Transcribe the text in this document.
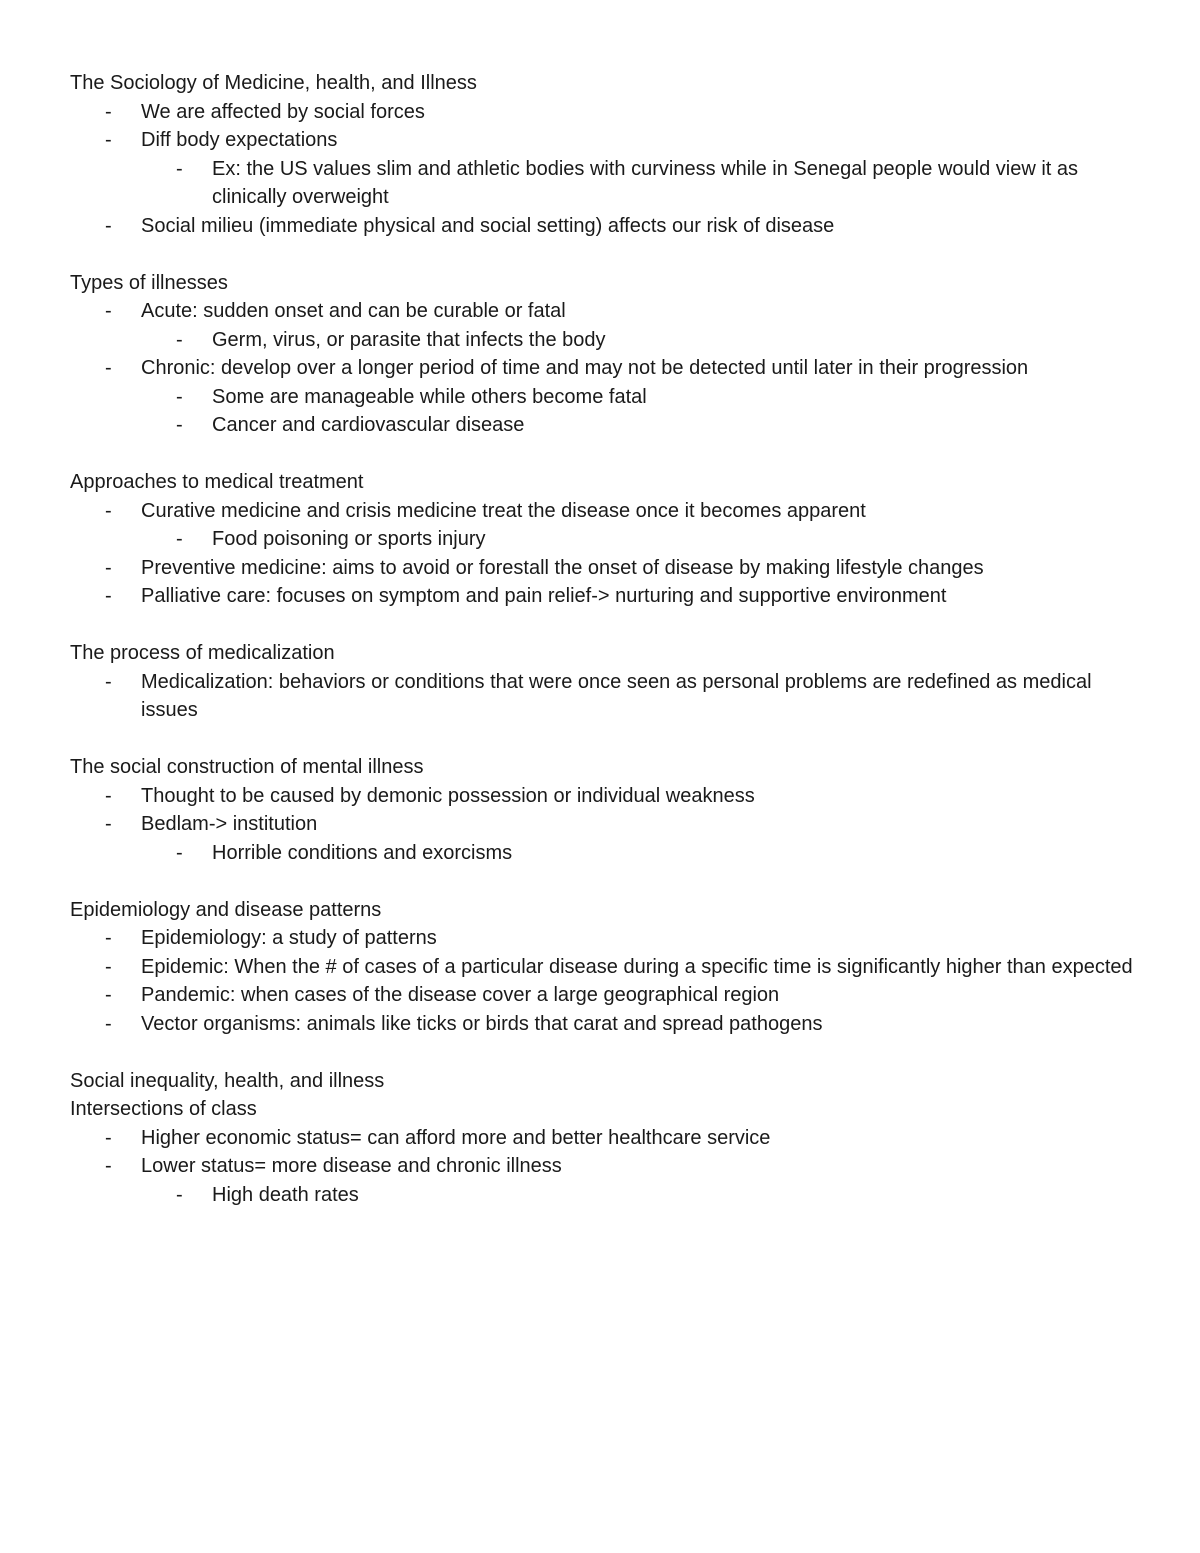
The Sociology of Medicine, health, and Illness

- We are affected by social forces
- Diff body expectations
- Ex: the US values slim and athletic bodies with curviness while in Senegal people would view it as clinically overweight
- Social milieu (immediate physical and social setting) affects our risk of disease

Types of illnesses

- Acute: sudden onset and can be curable or fatal
- Germ, virus, or parasite that infects the body
- Chronic: develop over a longer period of time and may not be detected until later in their progression
- Some are manageable while others become fatal
- Cancer and cardiovascular disease

Approaches to medical treatment

- Curative medicine and crisis medicine treat the disease once it becomes apparent
- Food poisoning or sports injury
- Preventive medicine: aims to avoid or forestall the onset of disease by making lifestyle changes
- Palliative care: focuses on symptom and pain relief-> nurturing and supportive environment

The process of medicalization

- Medicalization: behaviors or conditions that were once seen as personal problems are redefined as medical issues

The social construction of mental illness

- Thought to be caused by demonic possession or individual weakness
- Bedlam-> institution
- Horrible conditions and exorcisms

Epidemiology and disease patterns

- Epidemiology: a study of patterns
- Epidemic: When the # of cases of a particular disease during a specific time is significantly higher than expected
- Pandemic: when cases of the disease cover a large geographical region
- Vector organisms: animals like ticks or birds that carat and spread pathogens

Social inequality, health, and illness

Intersections of class

- Higher economic status= can afford more and better healthcare service
- Lower status= more disease and chronic illness
- High death rates
